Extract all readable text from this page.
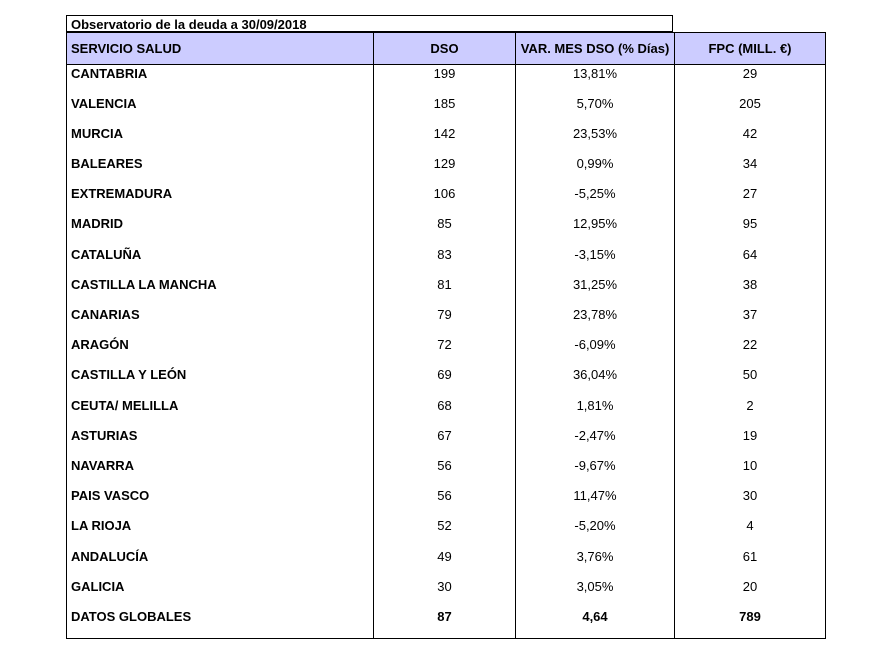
Observatorio de la deuda a 30/09/2018
SERVICIO SALUD	DSO	VAR. MES DSO (% Días)	FPC (MILL. €)
CANTABRIA	199	13,81%	29
VALENCIA	185	5,70%	205
MURCIA	142	23,53%	42
BALEARES	129	0,99%	34
EXTREMADURA	106	-5,25%	27
MADRID	85	12,95%	95
CATALUÑA	83	-3,15%	64
CASTILLA LA MANCHA	81	31,25%	38
CANARIAS	79	23,78%	37
ARAGÓN	72	-6,09%	22
CASTILLA Y LEÓN	69	36,04%	50
CEUTA/ MELILLA	68	1,81%	2
ASTURIAS	67	-2,47%	19
NAVARRA	56	-9,67%	10
PAIS VASCO	56	11,47%	30
LA RIOJA	52	-5,20%	4
ANDALUCÍA	49	3,76%	61
GALICIA	30	3,05%	20
DATOS GLOBALES	87	4,64	789
